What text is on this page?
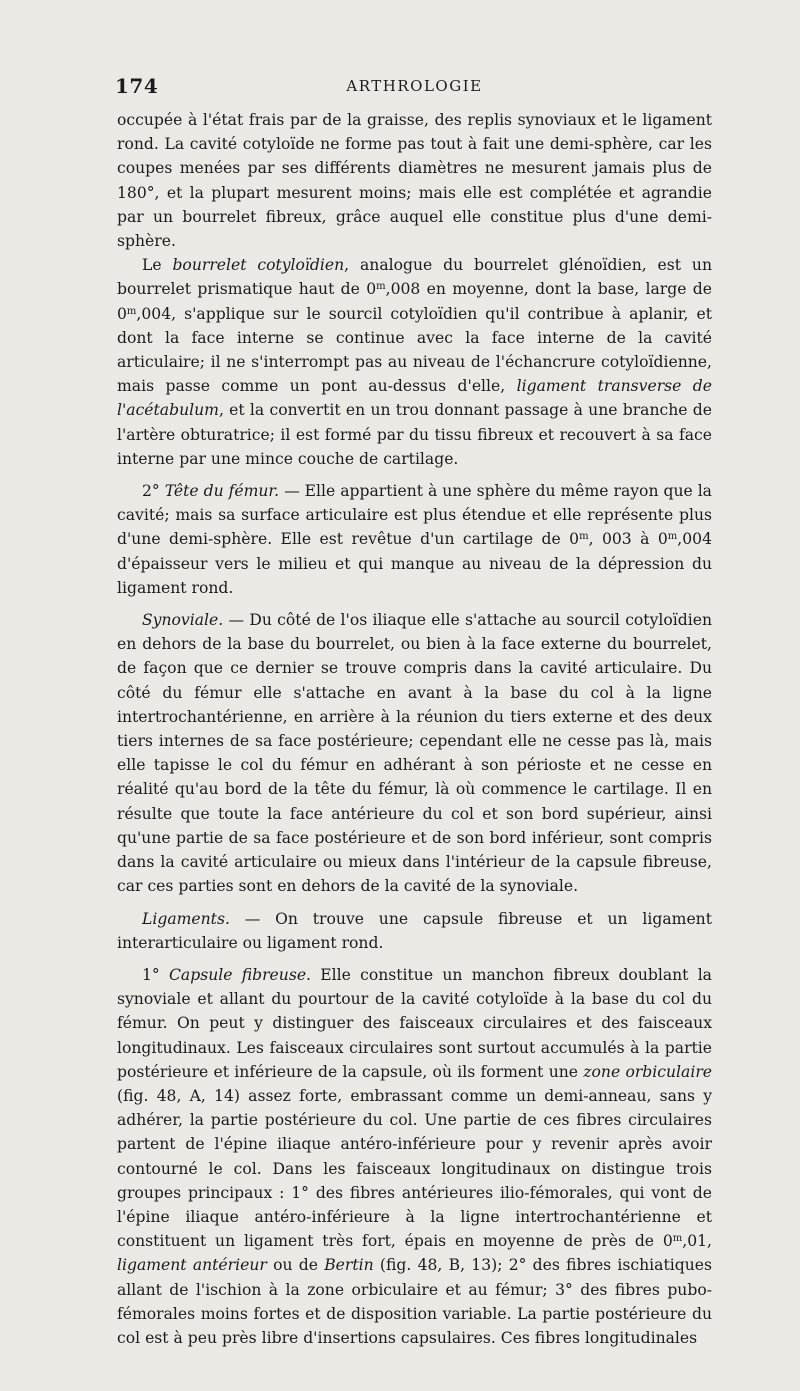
174	ARTHROLOGIE

occupée à l'état frais par de la graisse, des replis synoviaux et le ligament rond. La cavité cotyloïde ne forme pas tout à fait une demi-sphère, car les coupes menées par ses différents diamètres ne mesurent jamais plus de 180°, et la plupart mesurent moins; mais elle est complétée et agrandie par un bourrelet fibreux, grâce auquel elle constitue plus d'une demi-sphère.

Le bourrelet cotyloïdien, analogue du bourrelet glénoïdien, est un bourrelet prismatique haut de 0$^m$,008 en moyenne, dont la base, large de 0$^m$,004, s'applique sur le sourcil cotyloïdien qu'il contribue à aplanir, et dont la face interne se continue avec la face interne de la cavité articulaire; il ne s'interrompt pas au niveau de l'échancrure cotyloïdienne, mais passe comme un pont au-dessus d'elle, ligament transverse de l'acétabulum, et la convertit en un trou donnant passage à une branche de l'artère obturatrice; il est formé par du tissu fibreux et recouvert à sa face interne par une mince couche de cartilage.

2° Tête du fémur. — Elle appartient à une sphère du même rayon que la cavité; mais sa surface articulaire est plus étendue et elle représente plus d'une demi-sphère. Elle est revêtue d'un cartilage de 0$^m$, 003 à 0$^m$,004 d'épaisseur vers le milieu et qui manque au niveau de la dépression du ligament rond.

Synoviale. — Du côté de l'os iliaque elle s'attache au sourcil cotyloïdien en dehors de la base du bourrelet, ou bien à la face externe du bourrelet, de façon que ce dernier se trouve compris dans la cavité articulaire. Du côté du fémur elle s'attache en avant à la base du col à la ligne intertrochantérienne, en arrière à la réunion du tiers externe et des deux tiers internes de sa face postérieure; cependant elle ne cesse pas là, mais elle tapisse le col du fémur en adhérant à son périoste et ne cesse en réalité qu'au bord de la tête du fémur, là où commence le cartilage. Il en résulte que toute la face antérieure du col et son bord supérieur, ainsi qu'une partie de sa face postérieure et de son bord inférieur, sont compris dans la cavité articulaire ou mieux dans l'intérieur de la capsule fibreuse, car ces parties sont en dehors de la cavité de la synoviale.

Ligaments. — On trouve une capsule fibreuse et un ligament interarticulaire ou ligament rond.

1° Capsule fibreuse. Elle constitue un manchon fibreux doublant la synoviale et allant du pourtour de la cavité cotyloïde à la base du col du fémur. On peut y distinguer des faisceaux circulaires et des faisceaux longitudinaux. Les faisceaux circulaires sont surtout accumulés à la partie postérieure et inférieure de la capsule, où ils forment une zone orbiculaire (fig. 48, A, 14) assez forte, embrassant comme un demi-anneau, sans y adhérer, la partie postérieure du col. Une partie de ces fibres circulaires partent de l'épine iliaque antéro-inférieure pour y revenir après avoir contourné le col. Dans les faisceaux longitudinaux on distingue trois groupes principaux : 1° des fibres antérieures ilio-fémorales, qui vont de l'épine iliaque antéro-inférieure à la ligne intertrochantérienne et constituent un ligament très fort, épais en moyenne de près de 0$^m$,01, ligament antérieur ou de Bertin (fig. 48, B, 13); 2° des fibres ischiatiques allant de l'ischion à la zone orbiculaire et au fémur; 3° des fibres pubo-fémorales moins fortes et de disposition variable. La partie postérieure du col est à peu près libre d'insertions capsulaires. Ces fibres longitudinales
